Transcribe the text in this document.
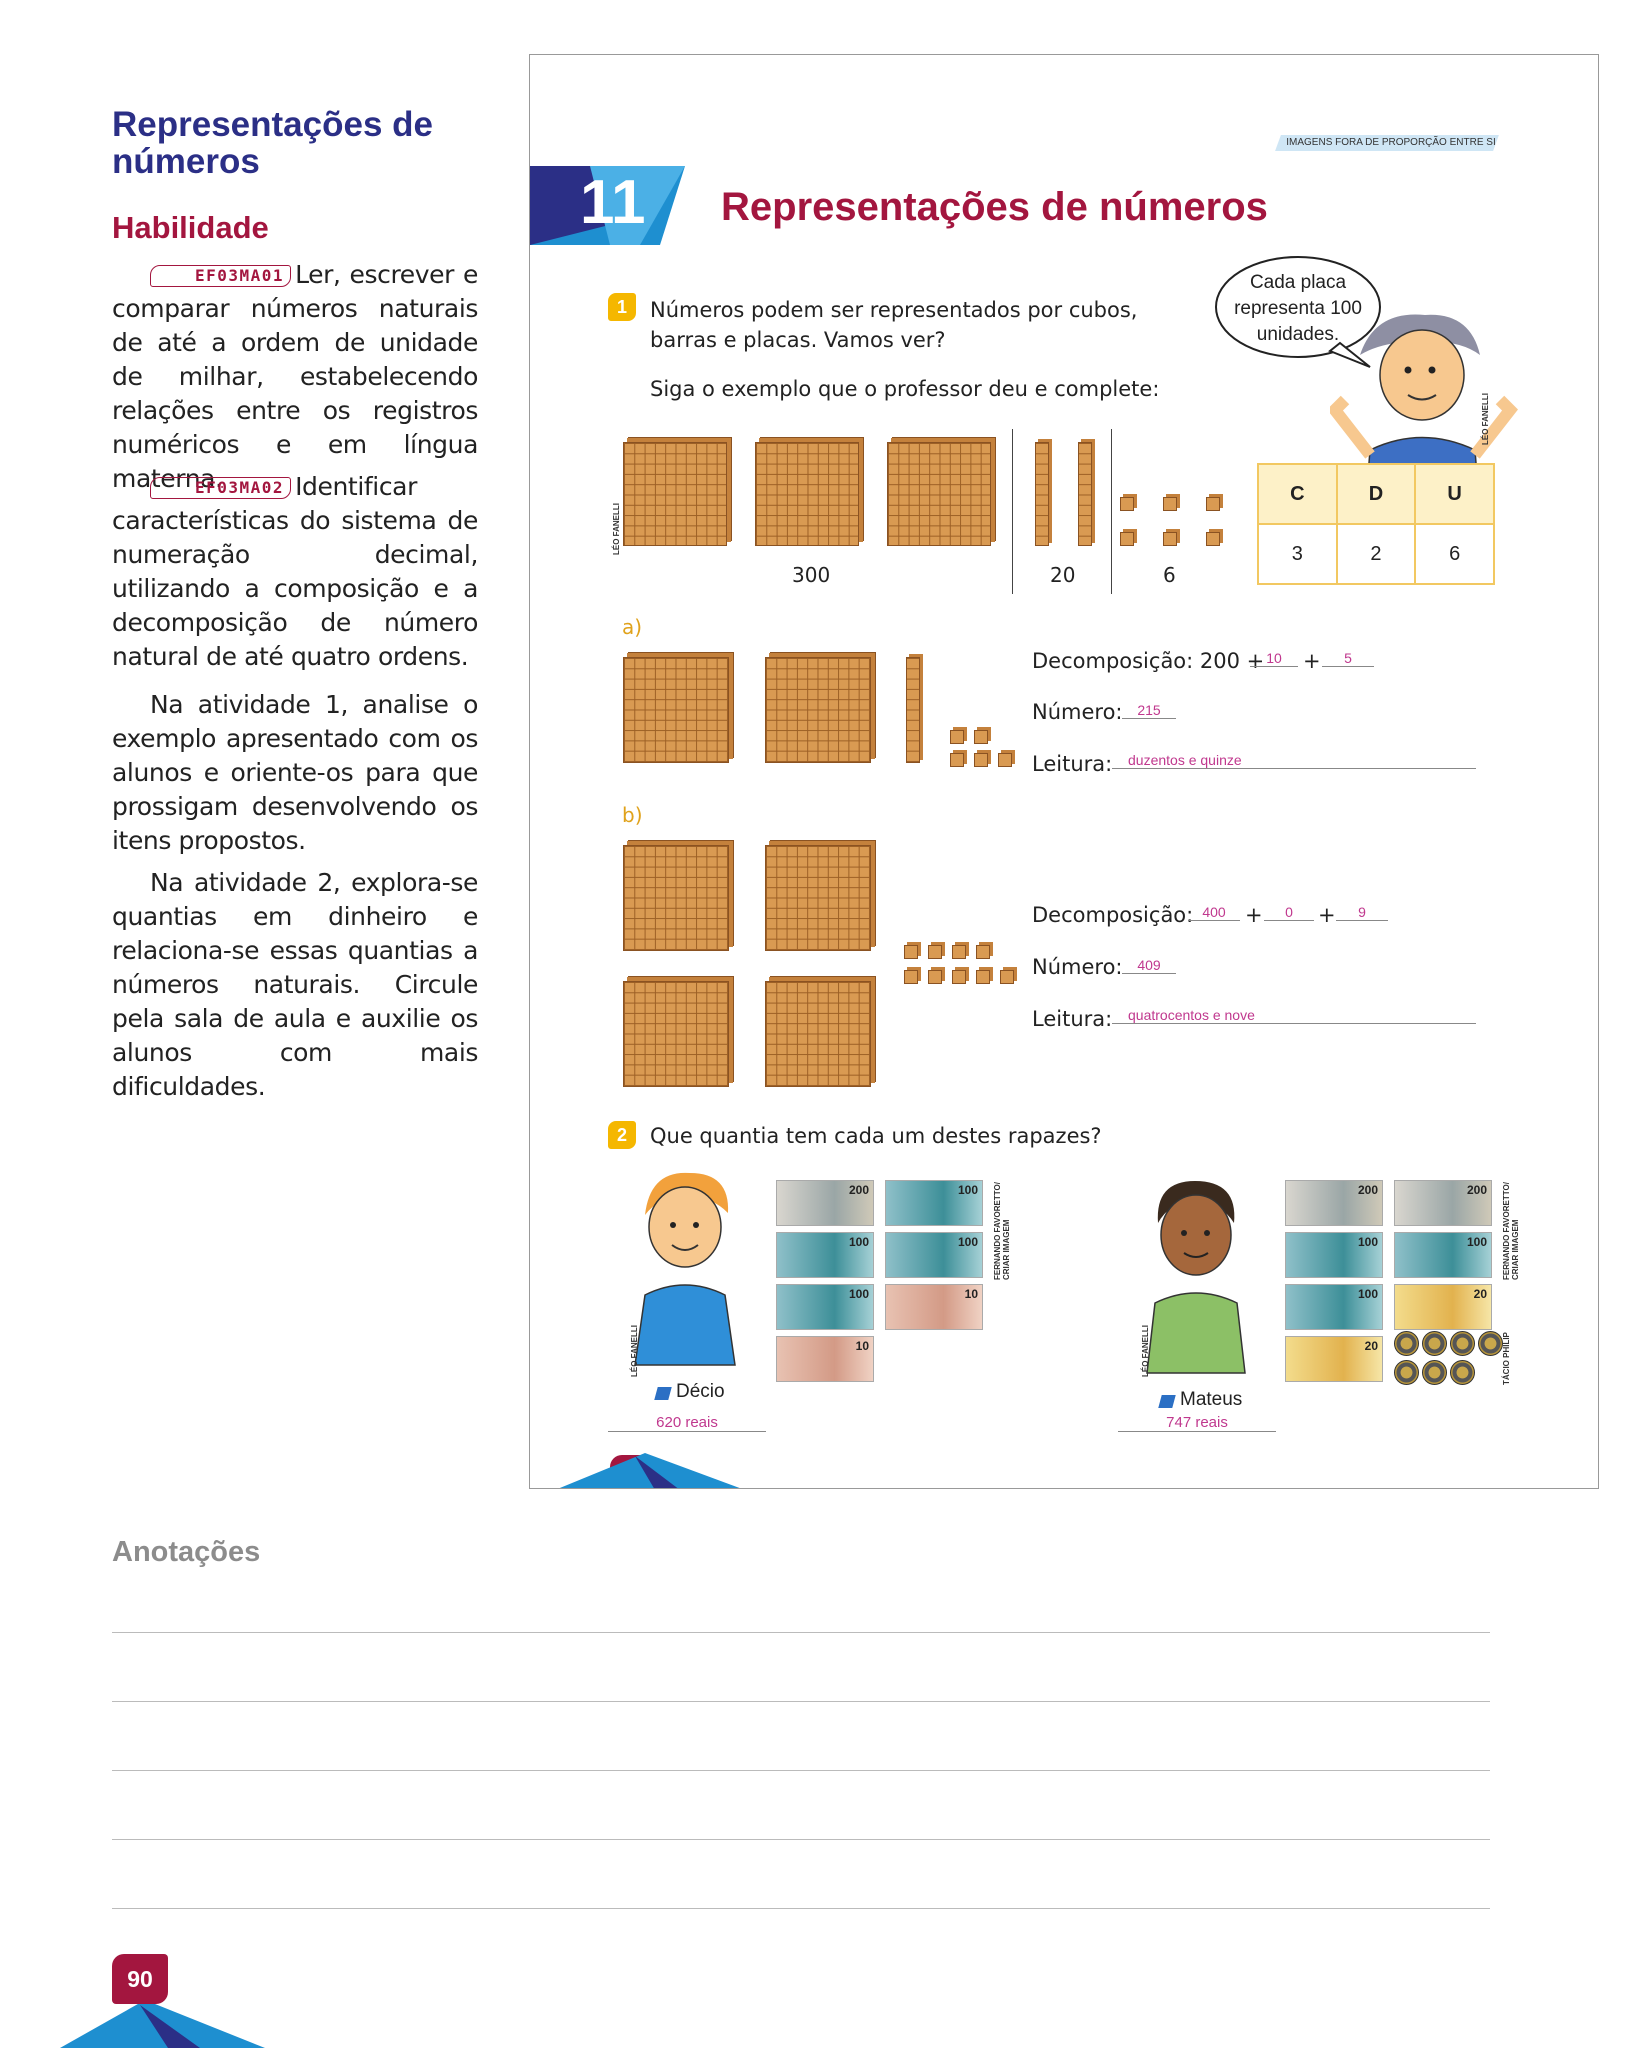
Representações de números
Habilidade

EF03MA01 Ler, escrever e comparar números naturais de até a ordem de unidade de milhar, estabelecendo relações entre os registros numéricos e em língua materna.

EF03MA02 Identificar características do sistema de numeração decimal, utilizando a composição e a decomposição de número natural de até quatro ordens.

Na atividade 1, analise o exemplo apresentado com os alunos e oriente-os para que prossigam desenvolvendo os itens propostos.

Na atividade 2, explora-se quantias em dinheiro e relaciona-se essas quantias a números naturais. Circule pela sala de aula e auxilie os alunos com mais dificuldades.

IMAGENS FORA DE PROPORÇÃO ENTRE SI
11 Representações de números
1	Números podem ser representados por cubos, barras e placas. Vamos ver?
Siga o exemplo que o professor deu e complete:
Cada placa representa 100 unidades.
LÉO FANELLI
C	D	U
3	2	6
LÉO FANELLI
300	20	6
a)
Decomposição: 200 + 10	+	5
Número:	215
Leitura:	duzentos e quinze
b)
Decomposição: 400 +	0	+	9
Número:	409
Leitura:	quatrocentos e nove
2	Que quantia tem cada um destes rapazes?
LÉO FANELLI
Décio
620 reais
200	100
100	100
100	10
10
FERNANDO FAVORETTO/ CRIAR IMAGEM
LÉO FANELLI
Mateus
747 reais
200	200
100	100
100	20
20
FERNANDO FAVORETTO/ CRIAR IMAGEM
TÁCIO PHILIP
Anotações
90
